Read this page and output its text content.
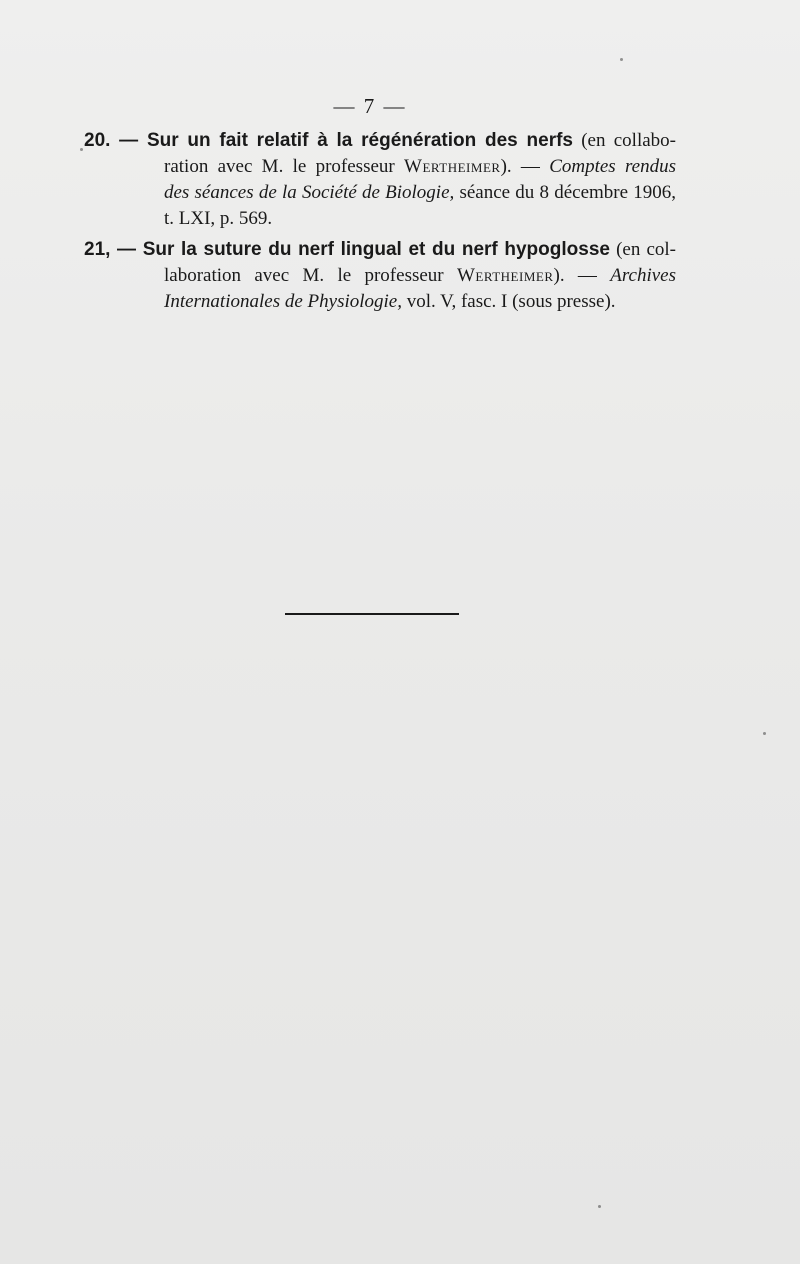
— 7 —
20. — Sur un fait relatif à la régénération des nerfs (en collabo-
ration avec M. le professeur Wertheimer). — Comptes rendus
des séances de la Société de Biologie, séance du 8 décembre 1906,
t. LXI, p. 569.
21, — Sur la suture du nerf lingual et du nerf hypoglosse (en col-
laboration avec M. le professeur Wertheimer). — Archives
Internationales de Physiologie, vol. V, fasc. I (sous presse).
